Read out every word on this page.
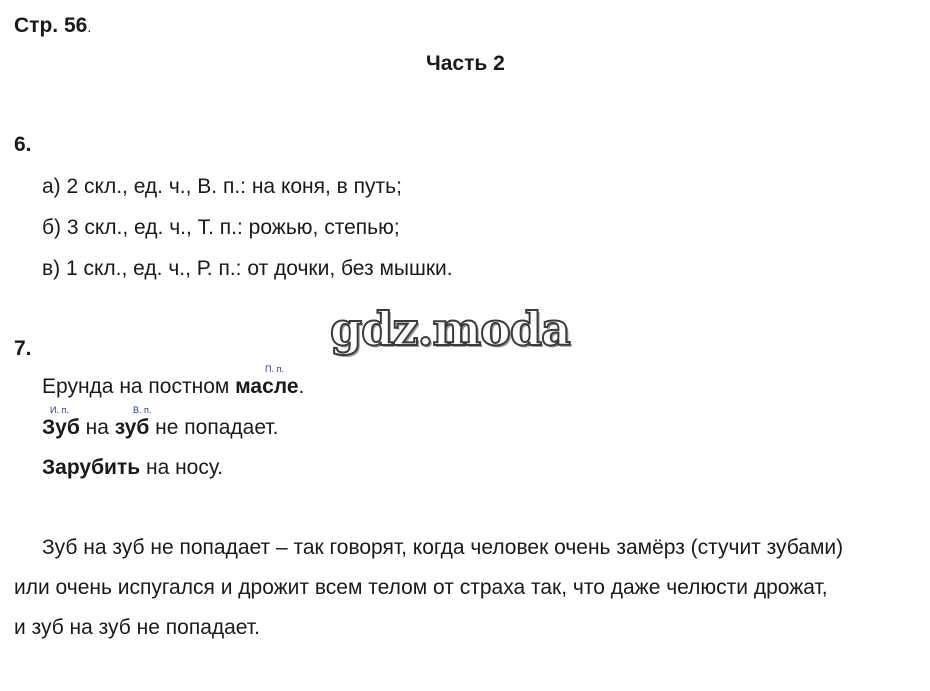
Стр. 56.
Часть 2
6.
а) 2 скл., ед. ч., В. п.: на коня, в путь;
б) 3 скл., ед. ч., Т. п.: рожью, степью;
в) 1 скл., ед. ч., Р. п.: от дочки, без мышки.
gdz.moda
7.
П. п.
Ерунда на постном масле.
И. п.	В. п.
Зуб на зуб не попадает.
Зарубить на носу.
Зуб на зуб не попадает – так говорят, когда человек очень замёрз (стучит зубами)
или очень испугался и дрожит всем телом от страха так, что даже челюсти дрожат,
и зуб на зуб не попадает.
